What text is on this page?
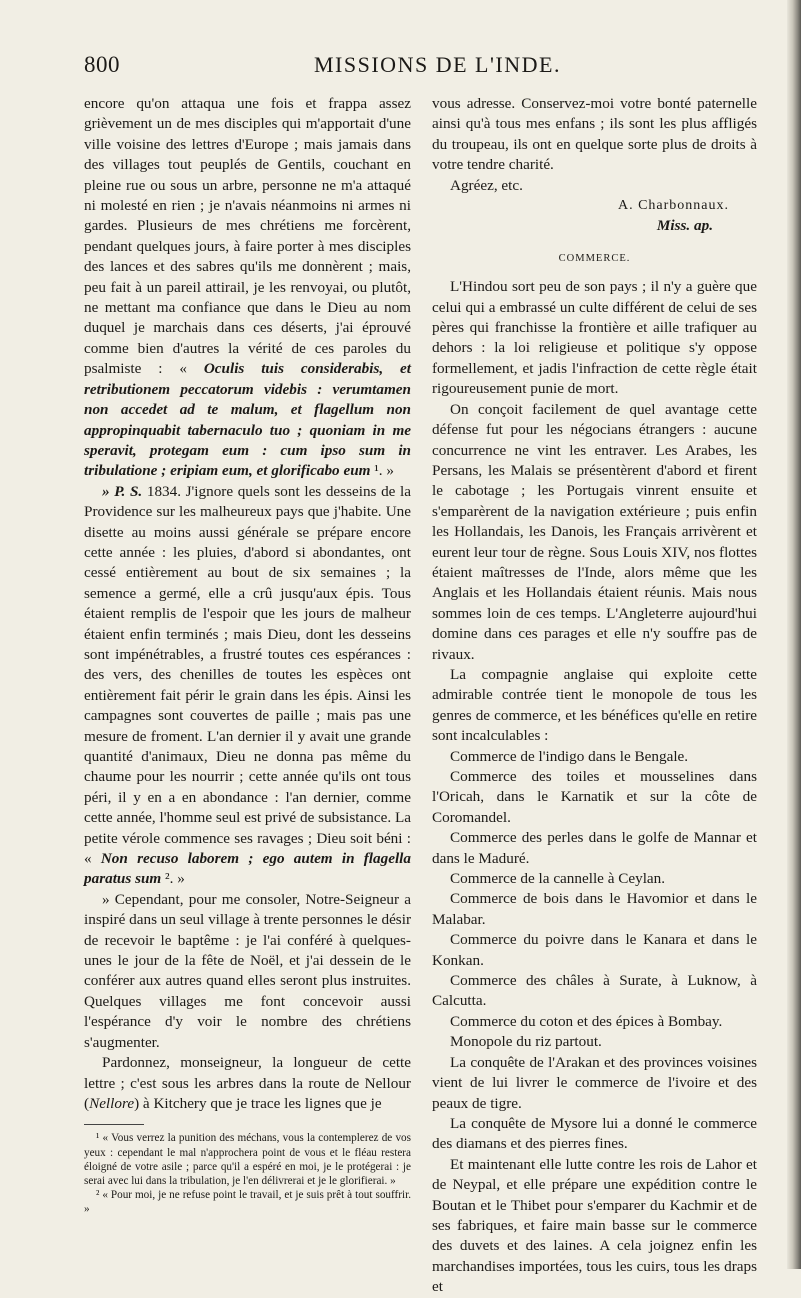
800	MISSIONS DE L'INDE.

encore qu'on attaqua une fois et frappa assez grièvement un de mes disciples qui m'apportait d'une ville voisine des lettres d'Europe ; mais jamais dans des villages tout peuplés de Gentils, couchant en pleine rue ou sous un arbre, personne ne m'a attaqué ni molesté en rien ; je n'avais néanmoins ni armes ni gardes. Plusieurs de mes chrétiens me forcèrent, pendant quelques jours, à faire porter à mes disciples des lances et des sabres qu'ils me donnèrent ; mais, peu fait à un pareil attirail, je les renvoyai, ou plutôt, ne mettant ma confiance que dans le Dieu au nom duquel je marchais dans ces déserts, j'ai éprouvé comme bien d'autres la vérité de ces paroles du psalmiste : « Oculis tuis considerabis, et retributionem peccatorum videbis : verumtamen non accedet ad te malum, et flagellum non appropinquabit tabernaculo tuo ; quoniam in me speravit, protegam eum : cum ipso sum in tribulatione ; eripiam eum, et glorificabo eum ¹. »

» P. S. 1834. J'ignore quels sont les desseins de la Providence sur les malheureux pays que j'habite. Une disette au moins aussi générale se prépare encore cette année : les pluies, d'abord si abondantes, ont cessé entièrement au bout de six semaines ; la semence a germé, elle a crû jusqu'aux épis. Tous étaient remplis de l'espoir que les jours de malheur étaient enfin terminés ; mais Dieu, dont les desseins sont impénétrables, a frustré toutes ces espérances : des vers, des chenilles de toutes les espèces ont entièrement fait périr le grain dans les épis. Ainsi les campagnes sont couvertes de paille ; mais pas une mesure de froment. L'an dernier il y avait une grande quantité d'animaux, Dieu ne donna pas même du chaume pour les nourrir ; cette année qu'ils ont tous péri, il y en a en abondance : l'an dernier, comme cette année, l'homme seul est privé de subsistance. La petite vérole commence ses ravages ; Dieu soit béni : « Non recuso laborem ; ego autem in flagella paratus sum ². »

» Cependant, pour me consoler, Notre-Seigneur a inspiré dans un seul village à trente personnes le désir de recevoir le baptême : je l'ai conféré à quelques-unes le jour de la fête de Noël, et j'ai dessein de le conférer aux autres quand elles seront plus instruites. Quelques villages me font concevoir aussi l'espérance d'y voir le nombre des chrétiens s'augmenter.

Pardonnez, monseigneur, la longueur de cette lettre ; c'est sous les arbres dans la route de Nellour (Nellore) à Kitchery que je trace les lignes que je

¹ « Vous verrez la punition des méchans, vous la contemplerez de vos yeux : cependant le mal n'approchera point de vous et le fléau restera éloigné de votre asile ; parce qu'il a espéré en moi, je le protégerai : je serai avec lui dans la tribulation, je l'en délivrerai et je le glorifierai. »

² « Pour moi, je ne refuse point le travail, et je suis prêt à tout souffrir. »

vous adresse. Conservez-moi votre bonté paternelle ainsi qu'à tous mes enfans ; ils sont les plus affligés du troupeau, ils ont en quelque sorte plus de droits à votre tendre charité.

Agréez, etc.

A. Charbonnaux.

Miss. ap.

COMMERCE.

L'Hindou sort peu de son pays ; il n'y a guère que celui qui a embrassé un culte différent de celui de ses pères qui franchisse la frontière et aille trafiquer au dehors : la loi religieuse et politique s'y oppose formellement, et jadis l'infraction de cette règle était rigoureusement punie de mort.

On conçoit facilement de quel avantage cette défense fut pour les négocians étrangers : aucune concurrence ne vint les entraver. Les Arabes, les Persans, les Malais se présentèrent d'abord et firent le cabotage ; les Portugais vinrent ensuite et s'emparèrent de la navigation extérieure ; puis enfin les Hollandais, les Danois, les Français arrivèrent et eurent leur tour de règne. Sous Louis XIV, nos flottes étaient maîtresses de l'Inde, alors même que les Anglais et les Hollandais étaient réunis. Mais nous sommes loin de ces temps. L'Angleterre aujourd'hui domine dans ces parages et elle n'y souffre pas de rivaux.

La compagnie anglaise qui exploite cette admirable contrée tient le monopole de tous les genres de commerce, et les bénéfices qu'elle en retire sont incalculables :

Commerce de l'indigo dans le Bengale.

Commerce des toiles et mousselines dans l'Oricah, dans le Karnatik et sur la côte de Coromandel.

Commerce des perles dans le golfe de Mannar et dans le Maduré.

Commerce de la cannelle à Ceylan.

Commerce de bois dans le Havomior et dans le Malabar.

Commerce du poivre dans le Kanara et dans le Konkan.

Commerce des châles à Surate, à Luknow, à Calcutta.

Commerce du coton et des épices à Bombay.

Monopole du riz partout.

La conquête de l'Arakan et des provinces voisines vient de lui livrer le commerce de l'ivoire et des peaux de tigre.

La conquête de Mysore lui a donné le commerce des diamans et des pierres fines.

Et maintenant elle lutte contre les rois de Lahor et de Neypal, et elle prépare une expédition contre le Boutan et le Thibet pour s'emparer du Kachmir et de ses fabriques, et faire main basse sur le commerce des duvets et des laines. A cela joignez enfin les marchandises importées, tous les cuirs, tous les draps et
